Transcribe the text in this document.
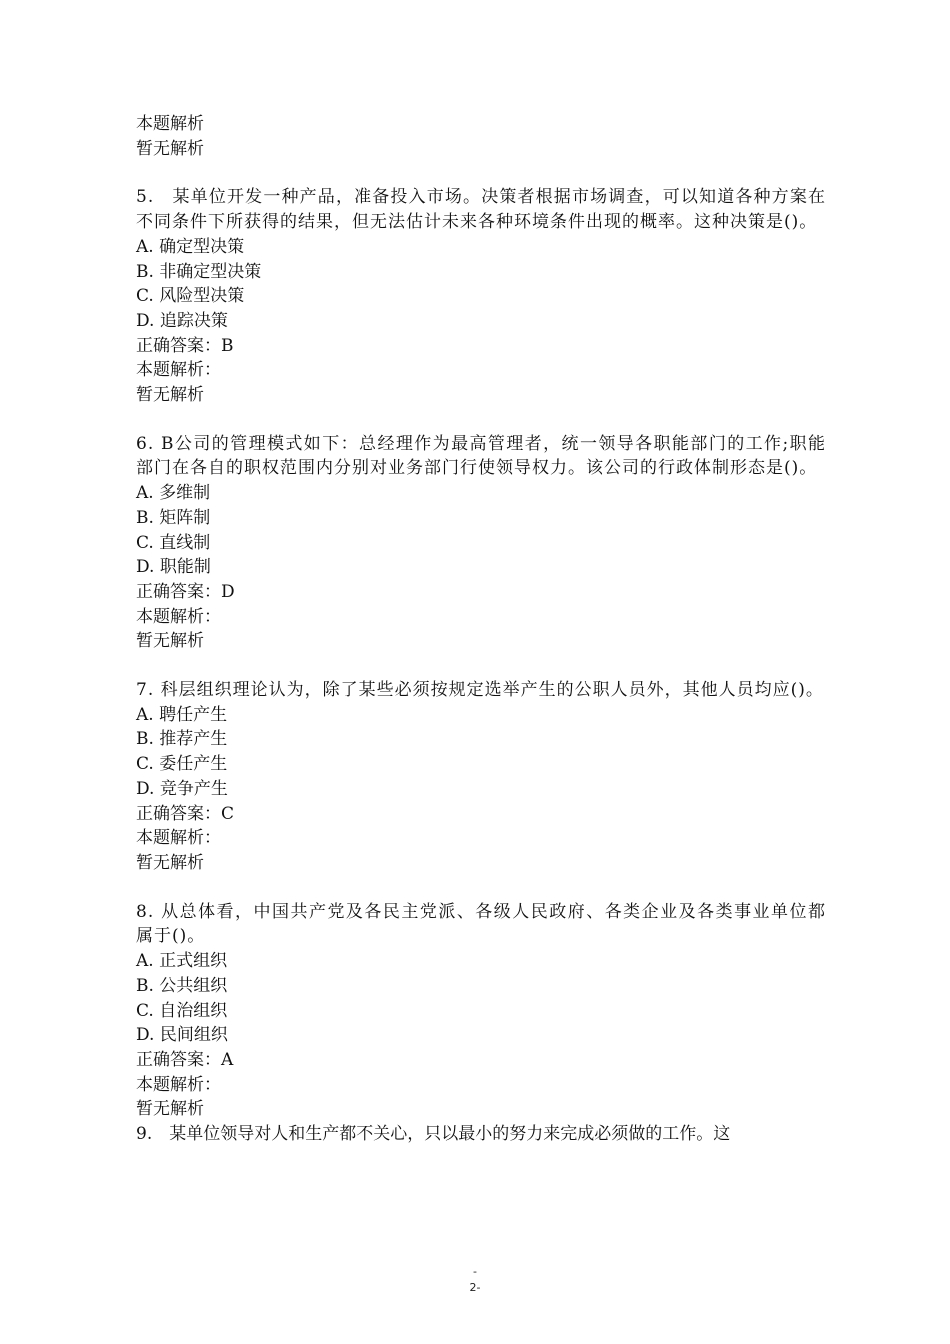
本题解析
暂无解析
5.　某单位开发一种产品，准备投入市场。决策者根据市场调查，可以知道各种方案在不同条件下所获得的结果，但无法估计未来各种环境条件出现的概率。这种决策是()。
A. 确定型决策
B. 非确定型决策
C. 风险型决策
D. 追踪决策
正确答案：B
本题解析：
暂无解析
6. B公司的管理模式如下：总经理作为最高管理者，统一领导各职能部门的工作;职能部门在各自的职权范围内分别对业务部门行使领导权力。该公司的行政体制形态是()。
A. 多维制
B. 矩阵制
C. 直线制
D. 职能制
正确答案：D
本题解析：
暂无解析
7. 科层组织理论认为，除了某些必须按规定选举产生的公职人员外，其他人员均应()。
A. 聘任产生
B. 推荐产生
C. 委任产生
D. 竞争产生
正确答案：C
本题解析：
暂无解析
8. 从总体看，中国共产党及各民主党派、各级人民政府、各类企业及各类事业单位都属于()。
A. 正式组织
B. 公共组织
C. 自治组织
D. 民间组织
正确答案：A
本题解析：
暂无解析
9.　某单位领导对人和生产都不关心，只以最小的努力来完成必须做的工作。这
-
2-
